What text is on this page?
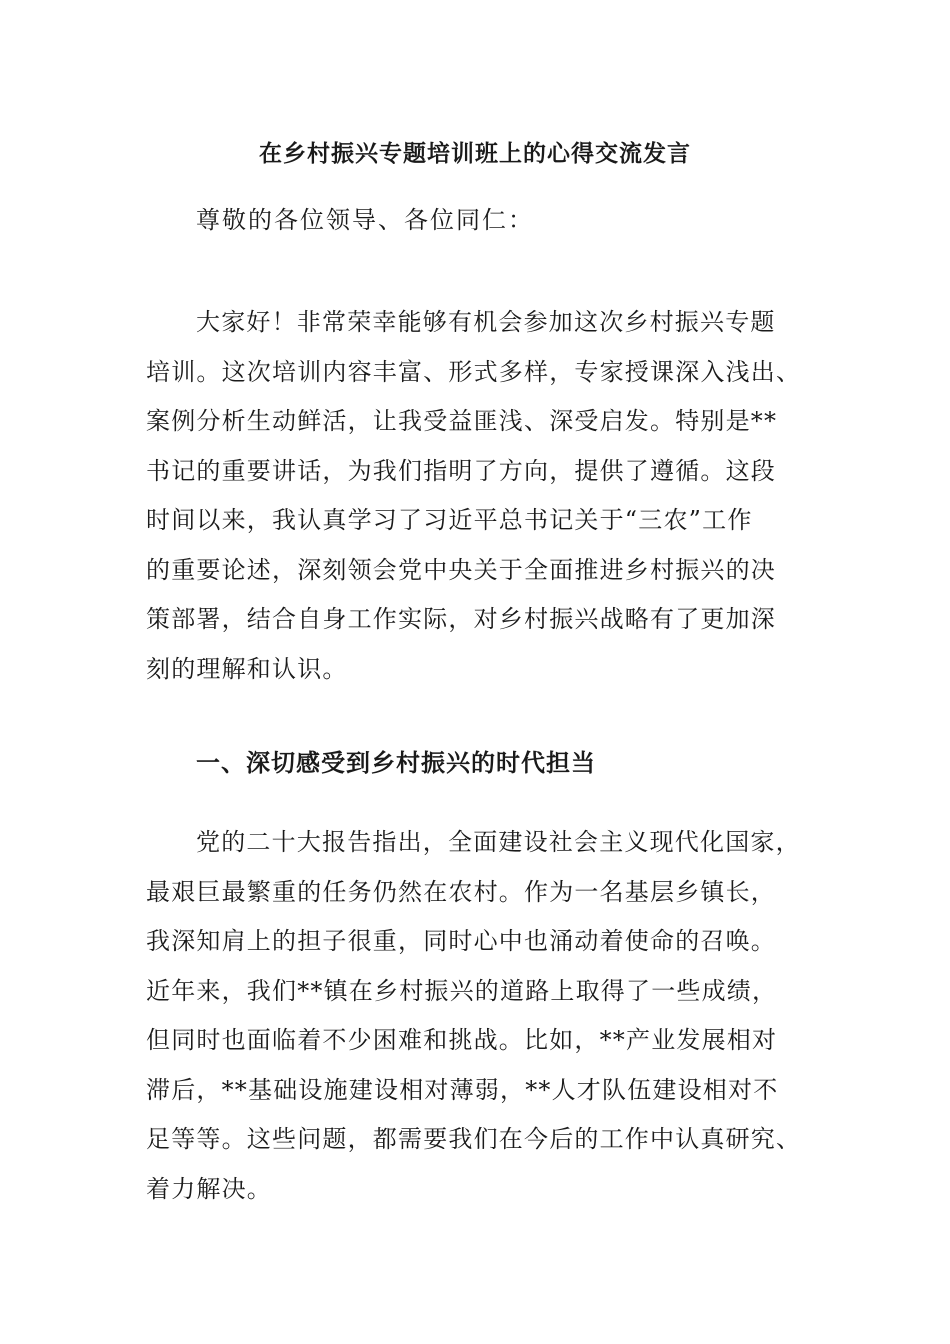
在乡村振兴专题培训班上的心得交流发言
尊敬的各位领导、各位同仁：
大家好！非常荣幸能够有机会参加这次乡村振兴专题
培训。这次培训内容丰富、形式多样，专家授课深入浅出、
案例分析生动鲜活，让我受益匪浅、深受启发。特别是**
书记的重要讲话，为我们指明了方向，提供了遵循。这段
时间以来，我认真学习了习近平总书记关于“三农”工作
的重要论述，深刻领会党中央关于全面推进乡村振兴的决
策部署，结合自身工作实际，对乡村振兴战略有了更加深
刻的理解和认识。
一、深切感受到乡村振兴的时代担当
党的二十大报告指出，全面建设社会主义现代化国家，
最艰巨最繁重的任务仍然在农村。作为一名基层乡镇长，
我深知肩上的担子很重，同时心中也涌动着使命的召唤。
近年来，我们**镇在乡村振兴的道路上取得了一些成绩，
但同时也面临着不少困难和挑战。比如，**产业发展相对
滞后，**基础设施建设相对薄弱，**人才队伍建设相对不
足等等。这些问题，都需要我们在今后的工作中认真研究、
着力解决。
